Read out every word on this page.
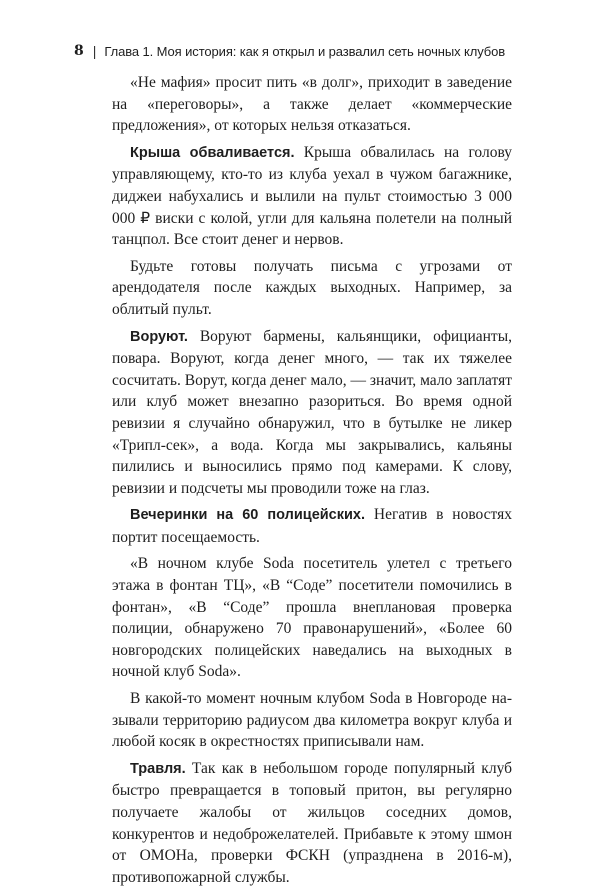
8 | Глава 1. Моя история: как я открыл и развалил сеть ночных клубов

«Не мафия» просит пить «в долг», приходит в заведение на «переговоры», а также делает «коммерческие предложения», от которых нельзя отказаться.

Крыша обваливается. Крыша обвалилась на голову управляющему, кто-то из клуба уехал в чужом багажнике, диджеи набухались и вылили на пульт стоимостью 3 000 000 ₽ виски с колой, угли для кальяна полетели на полный танцпол. Все стоит денег и нервов.

Будьте готовы получать письма с угрозами от арендодателя после каждых выходных. Например, за облитый пульт.

Воруют. Воруют бармены, кальянщики, официанты, повара. Воруют, когда денег много, — так их тяжелее сосчитать. Ворут, когда денег мало, — значит, мало заплатят или клуб может внезапно разориться. Во время одной ревизии я случайно обнаружил, что в бутылке не ликер «Трипл-сек», а вода. Когда мы закрывались, кальяны пилились и выносились прямо под камерами. К слову, ревизии и подсчеты мы проводили тоже на глаз.

Вечеринки на 60 полицейских. Негатив в новостях портит посещаемость.

«В ночном клубе Soda посетитель улетел с третьего этажа в фонтан ТЦ», «В “Соде” посетители помочились в фонтан», «В “Соде” прошла внеплановая проверка полиции, обнаружено 70 правонарушений», «Более 60 новгородских полицейских наведались на выходных в ночной клуб Soda».

В какой-то момент ночным клубом Soda в Новгороде называли территорию радиусом два километра вокруг клуба и любой косяк в окрестностях приписывали нам.

Травля. Так как в небольшом городе популярный клуб быстро превращается в топовый притон, вы регулярно получаете жалобы от жильцов соседних домов, конкурентов и недоброжелателей. Прибавьте к этому шмон от ОМОНа, проверки ФСКН (упразднена в 2016-м), противопожарной службы.
